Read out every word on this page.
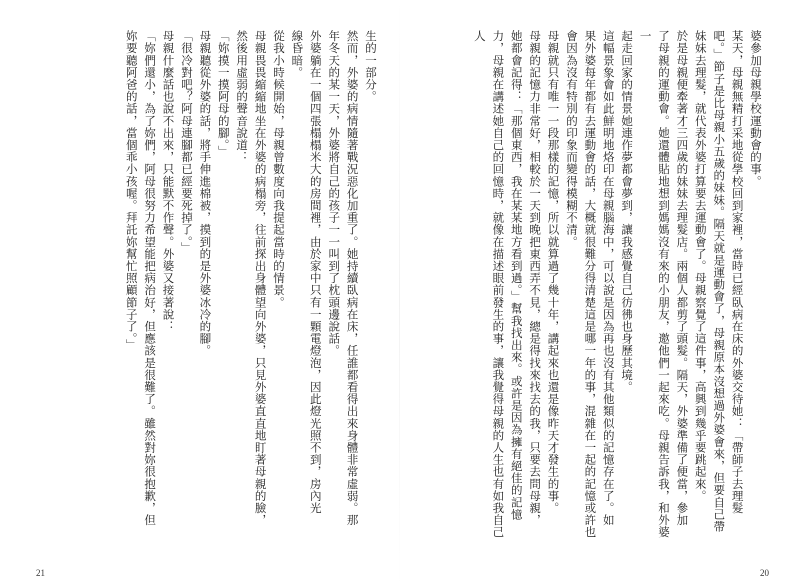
婆參加母親學校運動會的事。
某天，母親無精打采地從學校回到家裡，當時已經臥病在床的外婆交待她：「帶師子去理髮
吧。」節子是比母親小五歲的妹妹。隔天就是運動會了，母親原本沒想過外婆會來，但要自己帶
妹妹去理髮，就代表外婆打算要去運動會了。母親察覺了這件事，高興到幾乎要跳起來。
於是母親便牽著才三四歲的妹妹去理髮店。兩個人都剪了頭髮。隔天，外婆準備了便當，參加
了母親的運動會。她還體貼地想到媽媽沒有來的小朋友，邀他們一起來吃。母親告訴我，和外婆一
起走回家的情景她連作夢都會夢到，讓我感覺自己彷彿也身歷其境。
這幅景象會如此鮮明地烙印在母親腦海中，可以說是因為再也沒有其他類似的記憶存在了。如
果外婆每年都有去運動會的話，大概就很難分得清楚這是哪一年的事，混雜在一起的記憶或許也
會因為沒有特別的印象而變得模糊不清。
母親就只有唯一一段那樣的記憶，所以就算過了幾十年，講起來也還是像昨天才發生的事。
母親的記憶力非常好，相較於一天到晚把東西弄不見，總是得找來找去的我，只要去問母親，
她都會記得：「那個東西，我在某某地方看到過。」幫我找出來。或許是因為擁有絕佳的記憶
力，母親在講述她自己的回憶時，就像在描述眼前發生的事，讓我覺得母親的人生也有如我自己人
生的一部分。
然而，外婆的病情隨著戰況惡化加重了。她持續臥病在床，任誰都看得出來身體非常虛弱。那
年冬天的某一天，外婆將自己的孩子一一叫到了枕頭邊說話。
外婆躺在一個四張榻榻米大的房間裡，由於家中只有一顆電燈泡，因此燈光照不到，房內光
線昏暗。
從我小時候開始，母親曾數度向我提起當時的情景。
母親畏畏縮縮地坐在外婆的病榻旁，往前探出身體望向外婆，只見外婆直直地盯著母親的臉，
然後用虛弱的聲音說道：
「妳摸一摸阿母的腳。」
母親聽從外婆的話，將手伸進棉被，摸到的是外婆冰冷的腳。
「很冷對吧？阿母連腳都已經要死掉了。」
母親什麼話也說不出來，只能默不作聲。外婆又接著說：
「妳們還小，為了妳們，阿母很努力希望能把病治好，但應該是很難了。雖然對妳很抱歉，但
妳要聽阿爸的話，當個乖小孩喔。拜託妳幫忙照顧節子了。」
20
21
